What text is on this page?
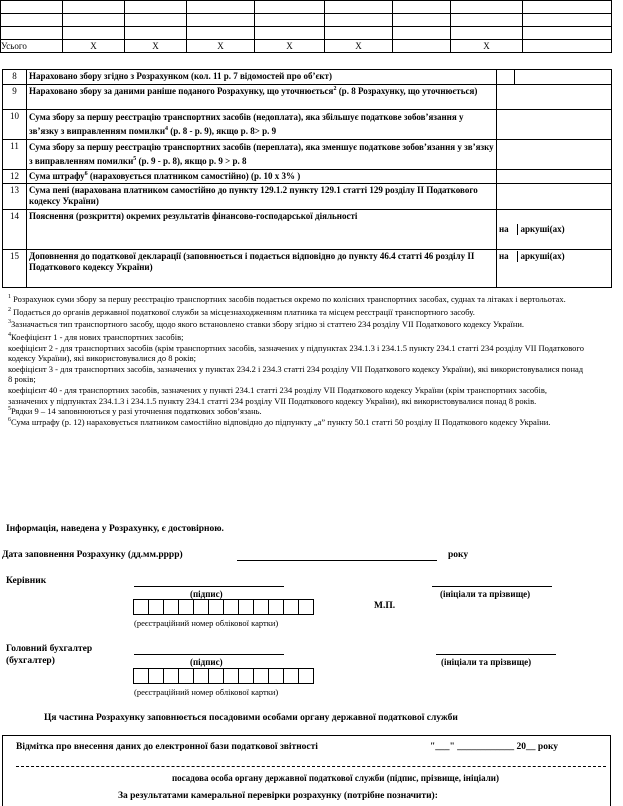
Усього	X	X	X	X	X		X	
8	Нараховано збору згідно з Розрахунком (кол. 11 р. 7 відомостей про об’єкт)		
9	Нараховано збору за даними раніше поданого Розрахунку, що уточнюється$^2$ (р. 8 Розрахунку, що уточнюється)		
10	Сума збору за першу реєстрацію транспортних засобів (недоплата), яка збільшує податкове зобов’язання у зв’язку з виправленням помилки$^4$ (р. 8 - р. 9), якщо р. 8> р. 9		
11	Сума збору за першу реєстрацію транспортних засобів (переплата), яка зменшує податкове зобов’язання у зв’язку з виправленням помилки$^5$ (р. 9 - р. 8), якщо р. 9 > р. 8		
12	Сума штрафу$^6$ (нараховується платником самостійно) (р. 10 х 3% )		
13	Сума пені (нарахована платником самостійно до пункту 129.1.2 пункту 129.1 статті 129 розділу II Податкового кодексу України)		
14	Пояснення (розкриття) окремих результатів фінансово-господарської діяльності	на	аркуші(ах)
15	Доповнення до податкової декларації (заповнюється і подається відповідно до пункту 46.4 статті 46 розділу II Податкового кодексу України)	на	аркуші(ах)
$^1$ Розрахунок суми збору за першу реєстрацію транспортних засобів подається окремо по колісних транспортних засобах, суднах та літаках і вертольотах.
$^2$ Подається до органів державної податкової служби за місцезнаходженням платника та місцем реєстрації транспортного засобу.
$^3$Зазначається тип транспортного засобу, щодо якого встановлено ставки збору згідно зі статтею 234 розділу VII Податкового кодексу України.
$^4$Коефіцієнт 1 - для нових транспортних засобів;
коефіцієнт 2 - для транспортних засобів (крім транспортних засобів, зазначених у підпунктах 234.1.3 і 234.1.5 пункту 234.1 статті 234 розділу VII Податкового кодексу України), які використовувалися до 8 років;
коефіцієнт 3 - для транспортних засобів, зазначених у пунктах 234.2 і 234.3 статті 234 розділу VII Податкового кодексу України), які використовувалися понад 8 років;
коефіцієнт 40 - для транспортних засобів, зазначених у пункті 234.1 статті 234 розділу VII Податкового кодексу України (крім транспортних засобів, зазначених у підпунктах 234.1.3 і 234.1.5 пункту 234.1 статті 234 розділу VII Податкового кодексу України), які використовувалися понад 8 років.
$^5$Рядки 9 – 14 заповнюються у разі уточнення податкових зобов’язань.
$^6$Сума штрафу (р. 12) нараховується платником самостійно відповідно до підпункту „а” пункту 50.1 статті 50 розділу II Податкового кодексу України.
Інформація, наведена у Розрахунку, є достовірною.
Дата заповнення Розрахунку (дд.мм.рррр)	року
Керівник
(підпис)	(ініціали та прізвище)
М.П.
(реєстраційний номер облікової картки)
Головний бухгалтер
(бухгалтер)	(підпис)	(ініціали та прізвище)
(реєстраційний номер облікової картки)
Ця частина Розрахунку заповнюється посадовими особами органу державної податкової служби
Відмітка про внесення даних до електронної бази податкової звітності	"___" ____________ 20__ року
посадова особа органу державної податкової служби (підпис, прізвище, ініціали)
За результатами камеральної перевірки розрахунку (потрібне позначити):
